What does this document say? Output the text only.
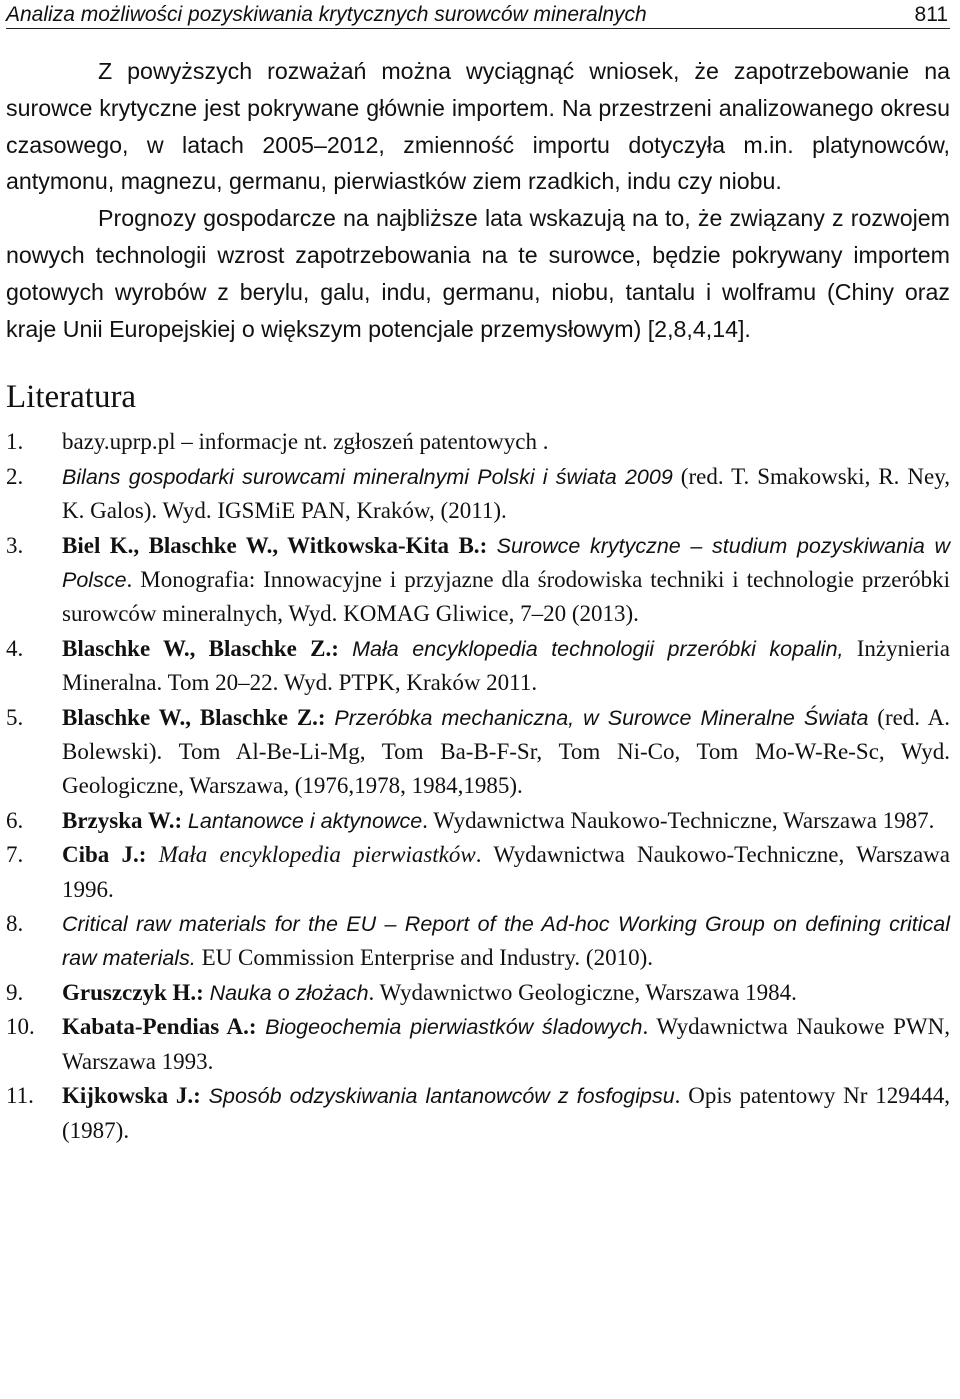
Analiza możliwości pozyskiwania krytycznych surowców mineralnych	811

Z powyższych rozważań można wyciągnąć wniosek, że zapotrzebowanie na surowce krytyczne jest pokrywane głównie importem. Na przestrzeni analizowanego okresu czasowego, w latach 2005–2012, zmienność importu dotyczyła m.in. platynowców, antymonu, magnezu, germanu, pierwiastków ziem rzadkich, indu czy niobu.

Prognozy gospodarcze na najbliższe lata wskazują na to, że związany z rozwojem nowych technologii wzrost zapotrzebowania na te surowce, będzie pokrywany importem gotowych wyrobów z berylu, galu, indu, germanu, niobu, tantalu i wolframu (Chiny oraz kraje Unii Europejskiej o większym potencjale przemysłowym) [2,8,4,14].

Literatura
1.	bazy.uprp.pl – informacje nt. zgłoszeń patentowych .
2.	Bilans gospodarki surowcami mineralnymi Polski i świata 2009 (red. T. Smakowski, R. Ney, K. Galos). Wyd. IGSMiE PAN, Kraków, (2011).
3.	Biel K., Blaschke W., Witkowska-Kita B.: Surowce krytyczne – studium pozyskiwania w Polsce. Monografia: Innowacyjne i przyjazne dla środowiska techniki i technologie przeróbki surowców mineralnych, Wyd. KOMAG Gliwice, 7–20 (2013).
4.	Blaschke W., Blaschke Z.: Mała encyklopedia technologii przeróbki kopalin, Inżynieria Mineralna. Tom 20–22. Wyd. PTPK, Kraków 2011.
5.	Blaschke W., Blaschke Z.: Przeróbka mechaniczna, w Surowce Mineralne Świata (red. A. Bolewski). Tom Al-Be-Li-Mg, Tom Ba-B-F-Sr, Tom Ni-Co, Tom Mo-W-Re-Sc, Wyd. Geologiczne, Warszawa, (1976,1978, 1984,1985).
6.	Brzyska W.: Lantanowce i aktynowce. Wydawnictwa Naukowo-Techniczne, Warszawa 1987.
7.	Ciba J.: Mała encyklopedia pierwiastków. Wydawnictwa Naukowo-Techniczne, Warszawa 1996.
8.	Critical raw materials for the EU – Report of the Ad-hoc Working Group on defining critical raw materials. EU Commission Enterprise and Industry. (2010).
9.	Gruszczyk H.: Nauka o złożach. Wydawnictwo Geologiczne, Warszawa 1984.
10.	Kabata-Pendias A.: Biogeochemia pierwiastków śladowych. Wydawnictwa Naukowe PWN, Warszawa 1993.
11.	Kijkowska J.: Sposób odzyskiwania lantanowców z fosfogipsu. Opis patentowy Nr 129444, (1987).
